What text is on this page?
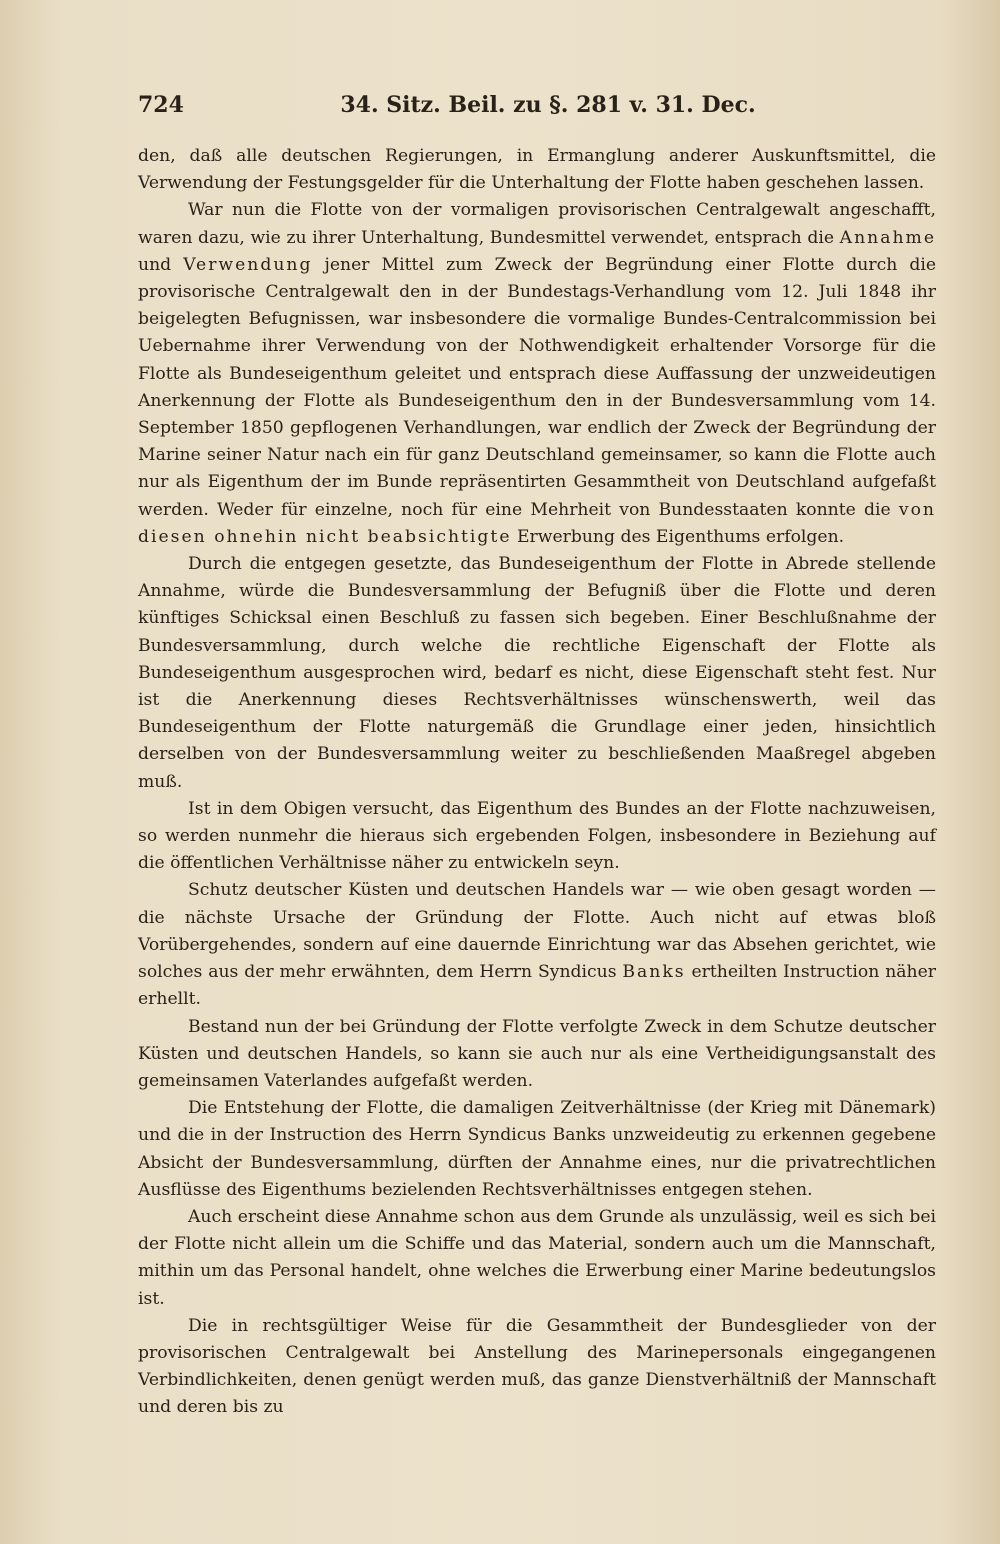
724	34. Sitz. Beil. zu §. 281 v. 31. Dec.

den, daß alle deutschen Regierungen, in Ermanglung anderer Auskunftsmittel, die Verwendung der Festungsgelder für die Unterhaltung der Flotte haben geschehen lassen.

War nun die Flotte von der vormaligen provisorischen Centralgewalt angeschafft, waren dazu, wie zu ihrer Unterhaltung, Bundesmittel verwendet, entsprach die Annahme und Verwendung jener Mittel zum Zweck der Begründung einer Flotte durch die provisorische Centralgewalt den in der Bundestags-Verhandlung vom 12. Juli 1848 ihr beigelegten Befugnissen, war insbesondere die vormalige Bundes-Centralcommission bei Uebernahme ihrer Verwendung von der Nothwendigkeit erhaltender Vorsorge für die Flotte als Bundeseigenthum geleitet und entsprach diese Auffassung der unzweideutigen Anerkennung der Flotte als Bundeseigenthum den in der Bundesversammlung vom 14. September 1850 gepflogenen Verhandlungen, war endlich der Zweck der Begründung der Marine seiner Natur nach ein für ganz Deutschland gemeinsamer, so kann die Flotte auch nur als Eigenthum der im Bunde repräsentirten Gesammtheit von Deutschland aufgefaßt werden. Weder für einzelne, noch für eine Mehrheit von Bundesstaaten konnte die von diesen ohnehin nicht beabsichtigte Erwerbung des Eigenthums erfolgen.

Durch die entgegen gesetzte, das Bundeseigenthum der Flotte in Abrede stellende Annahme, würde die Bundesversammlung der Befugniß über die Flotte und deren künftiges Schicksal einen Beschluß zu fassen sich begeben. Einer Beschlußnahme der Bundesversammlung, durch welche die rechtliche Eigenschaft der Flotte als Bundeseigenthum ausgesprochen wird, bedarf es nicht, diese Eigenschaft steht fest. Nur ist die Anerkennung dieses Rechtsverhältnisses wünschenswerth, weil das Bundeseigenthum der Flotte naturgemäß die Grundlage einer jeden, hinsichtlich derselben von der Bundesversammlung weiter zu beschließenden Maaßregel abgeben muß.

Ist in dem Obigen versucht, das Eigenthum des Bundes an der Flotte nachzuweisen, so werden nunmehr die hieraus sich ergebenden Folgen, insbesondere in Beziehung auf die öffentlichen Verhältnisse näher zu entwickeln seyn.

Schutz deutscher Küsten und deutschen Handels war — wie oben gesagt worden — die nächste Ursache der Gründung der Flotte. Auch nicht auf etwas bloß Vorübergehendes, sondern auf eine dauernde Einrichtung war das Absehen gerichtet, wie solches aus der mehr erwähnten, dem Herrn Syndicus Banks ertheilten Instruction näher erhellt.

Bestand nun der bei Gründung der Flotte verfolgte Zweck in dem Schutze deutscher Küsten und deutschen Handels, so kann sie auch nur als eine Vertheidigungsanstalt des gemeinsamen Vaterlandes aufgefaßt werden.

Die Entstehung der Flotte, die damaligen Zeitverhältnisse (der Krieg mit Dänemark) und die in der Instruction des Herrn Syndicus Banks unzweideutig zu erkennen gegebene Absicht der Bundesversammlung, dürften der Annahme eines, nur die privatrechtlichen Ausflüsse des Eigenthums bezielenden Rechtsverhältnisses entgegen stehen.

Auch erscheint diese Annahme schon aus dem Grunde als unzulässig, weil es sich bei der Flotte nicht allein um die Schiffe und das Material, sondern auch um die Mannschaft, mithin um das Personal handelt, ohne welches die Erwerbung einer Marine bedeutungslos ist.

Die in rechtsgültiger Weise für die Gesammtheit der Bundesglieder von der provisorischen Centralgewalt bei Anstellung des Marinepersonals eingegangenen Verbindlichkeiten, denen genügt werden muß, das ganze Dienstverhältniß der Mannschaft und deren bis zu
